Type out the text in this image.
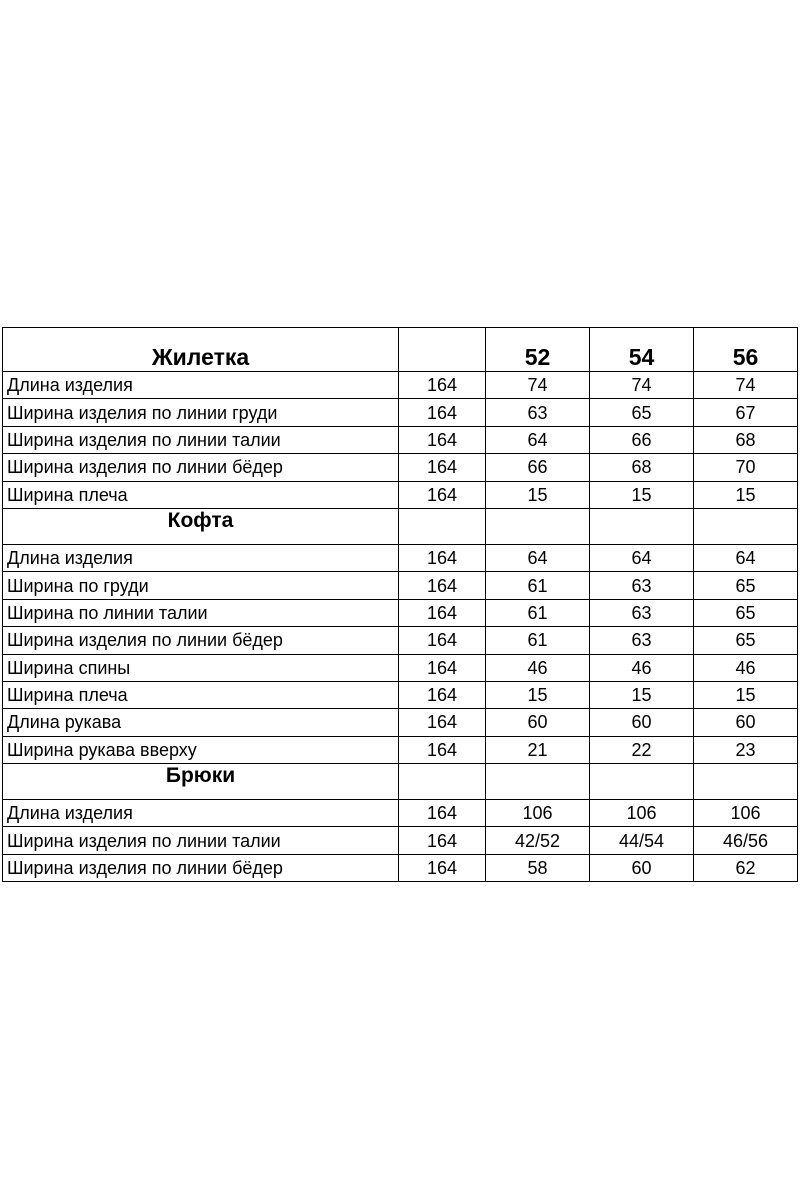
Жилетка		52	54	56
Длина изделия	164	74	74	74
Ширина изделия по линии груди	164	63	65	67
Ширина изделия по линии талии	164	64	66	68
Ширина изделия по линии бёдер	164	66	68	70
Ширина плеча	164	15	15	15
Кофта				
Длина изделия	164	64	64	64
Ширина по груди	164	61	63	65
Ширина по линии талии	164	61	63	65
Ширина изделия по линии бёдер	164	61	63	65
Ширина спины	164	46	46	46
Ширина плеча	164	15	15	15
Длина рукава	164	60	60	60
Ширина рукава вверху	164	21	22	23
Брюки				
Длина изделия	164	106	106	106
Ширина изделия по линии талии	164	42/52	44/54	46/56
Ширина изделия по линии бёдер	164	58	60	62
